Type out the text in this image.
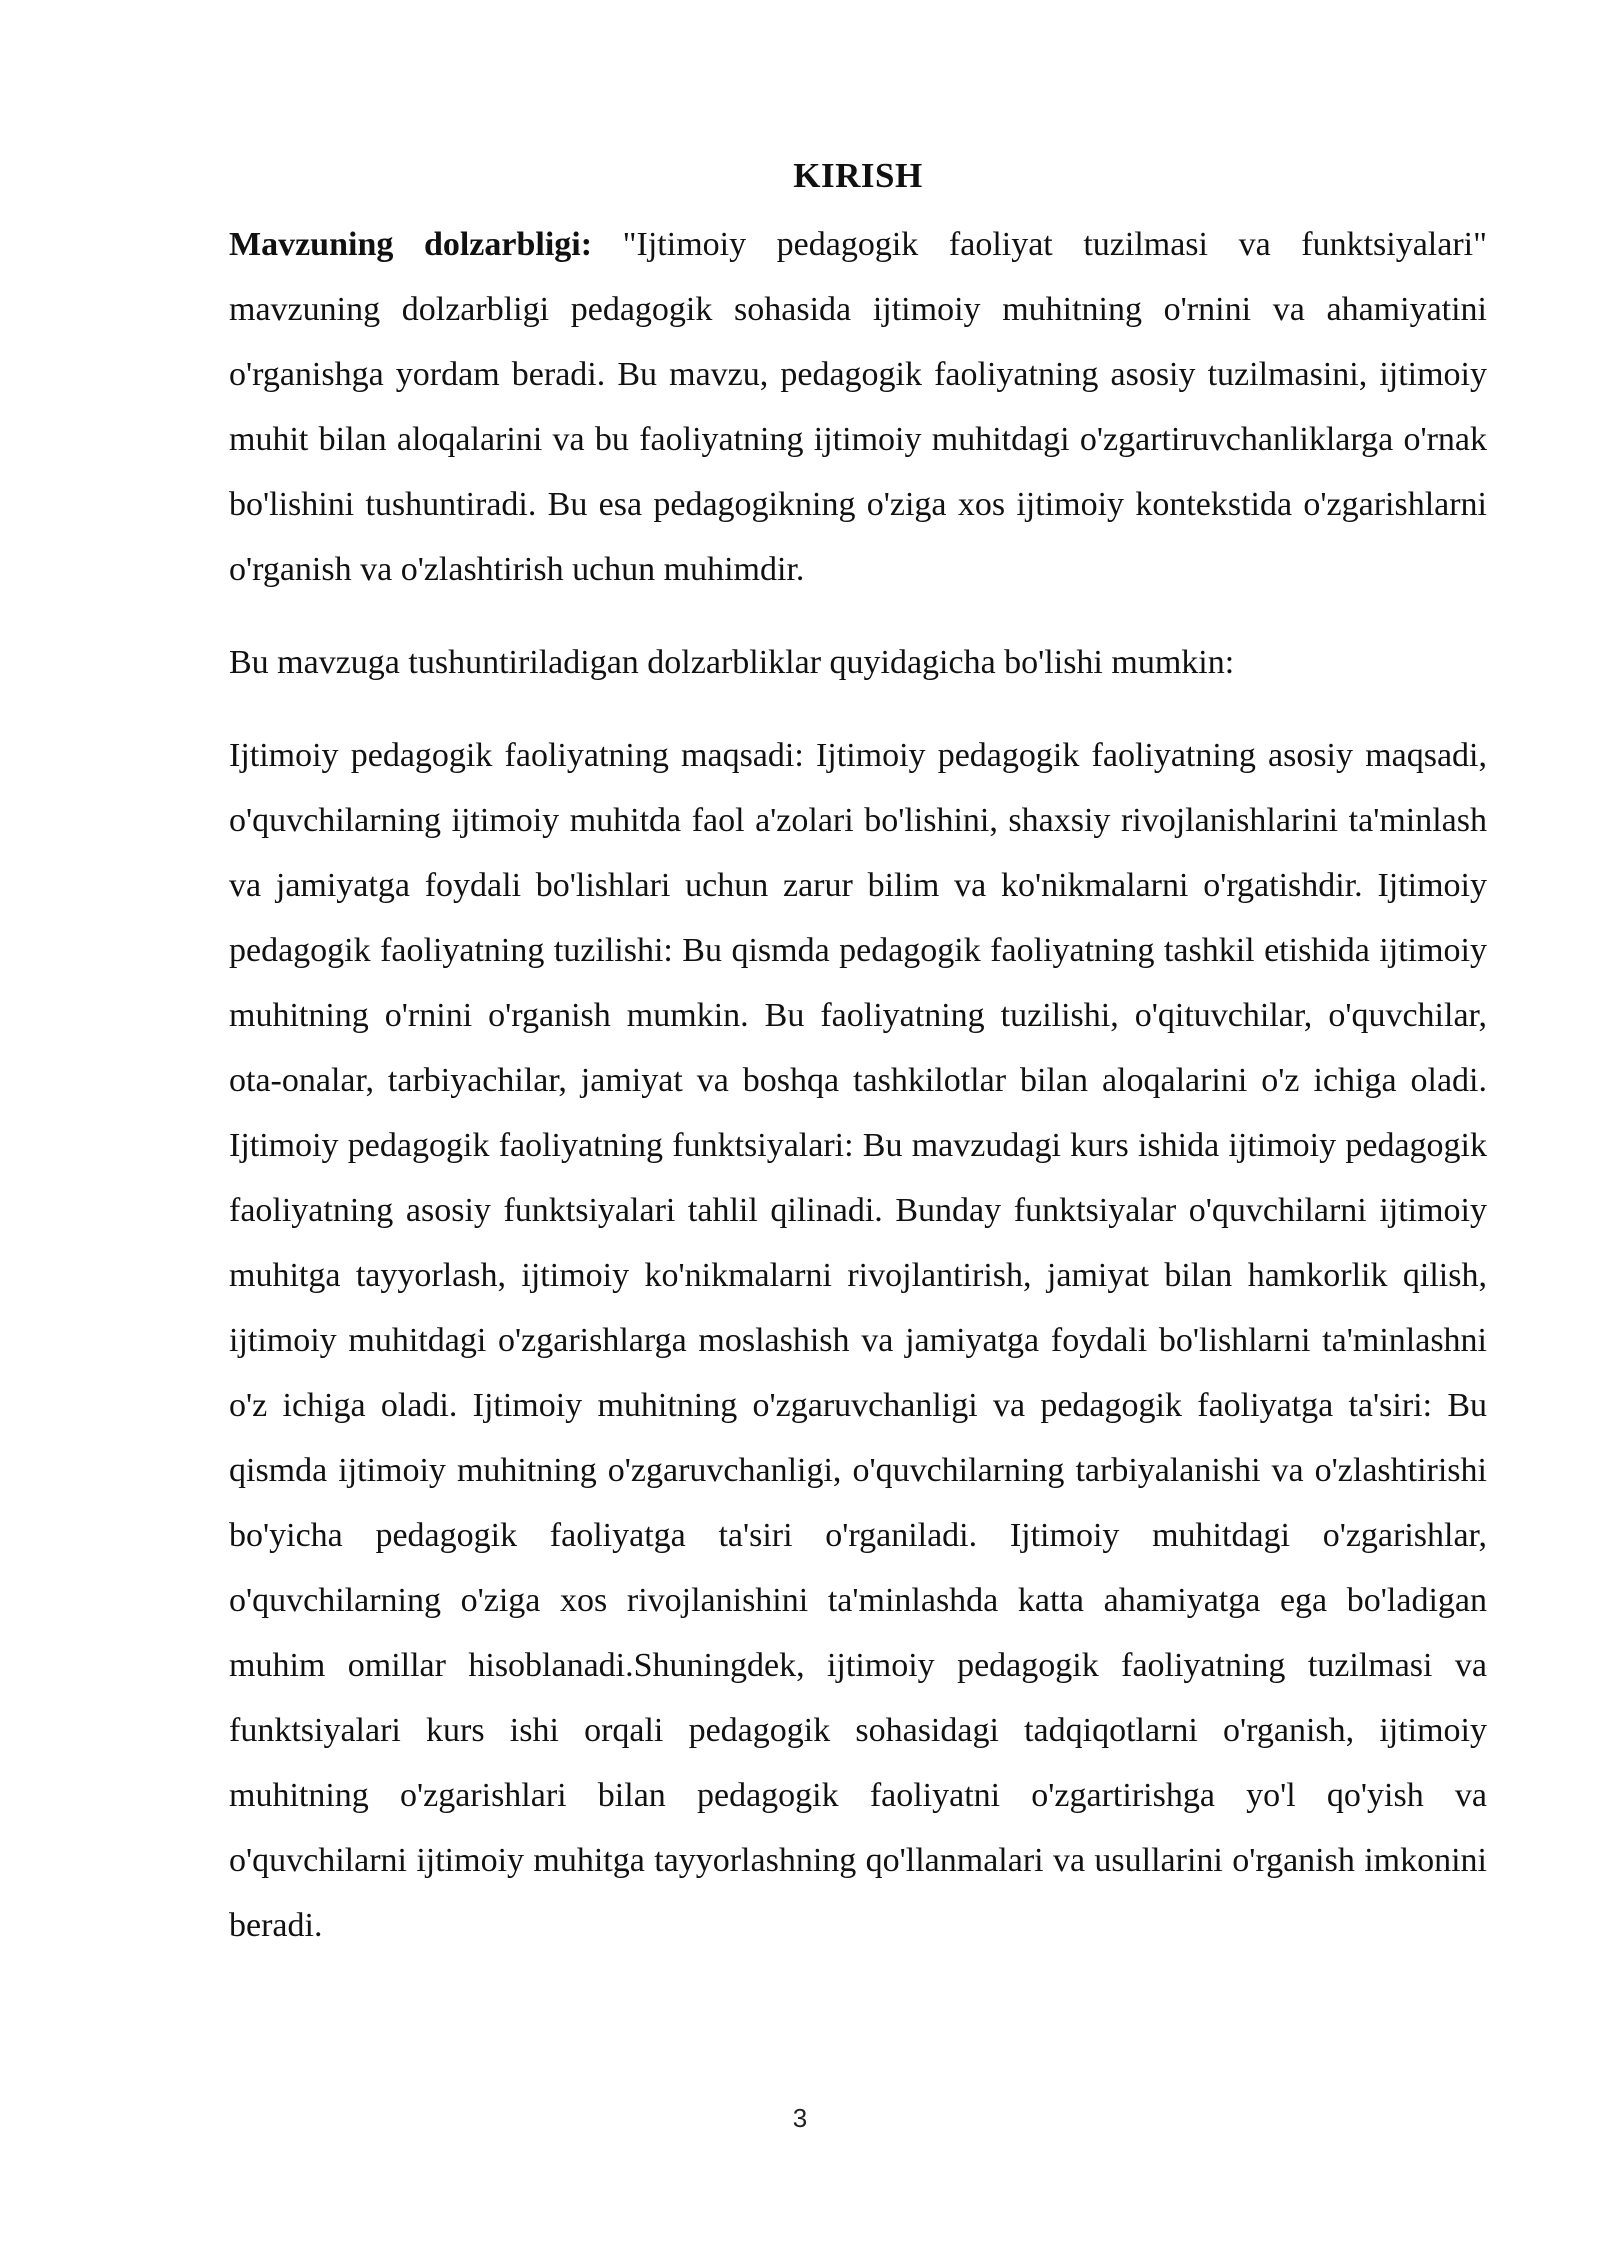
KIRISH

Mavzuning dolzarbligi: "Ijtimoiy pedagogik faoliyat tuzilmasi va funktsiyalari" mavzuning dolzarbligi pedagogik sohasida ijtimoiy muhitning o'rnini va ahamiyatini o'rganishga yordam beradi. Bu mavzu, pedagogik faoliyatning asosiy tuzilmasini, ijtimoiy muhit bilan aloqalarini va bu faoliyatning ijtimoiy muhitdagi o'zgartiruvchanliklarga o'rnak bo'lishini tushuntiradi. Bu esa pedagogikning o'ziga xos ijtimoiy kontekstida o'zgarishlarni o'rganish va o'zlashtirish uchun muhimdir.

Bu mavzuga tushuntiriladigan dolzarbliklar quyidagicha bo'lishi mumkin:

Ijtimoiy pedagogik faoliyatning maqsadi: Ijtimoiy pedagogik faoliyatning asosiy maqsadi, o'quvchilarning ijtimoiy muhitda faol a'zolari bo'lishini, shaxsiy rivojlanishlarini ta'minlash va jamiyatga foydali bo'lishlari uchun zarur bilim va ko'nikmalarni o'rgatishdir. Ijtimoiy pedagogik faoliyatning tuzilishi: Bu qismda pedagogik faoliyatning tashkil etishida ijtimoiy muhitning o'rnini o'rganish mumkin. Bu faoliyatning tuzilishi, o'qituvchilar, o'quvchilar, ota-onalar, tarbiyachilar, jamiyat va boshqa tashkilotlar bilan aloqalarini o'z ichiga oladi. Ijtimoiy pedagogik faoliyatning funktsiyalari: Bu mavzudagi kurs ishida ijtimoiy pedagogik faoliyatning asosiy funktsiyalari tahlil qilinadi. Bunday funktsiyalar o'quvchilarni ijtimoiy muhitga tayyorlash, ijtimoiy ko'nikmalarni rivojlantirish, jamiyat bilan hamkorlik qilish, ijtimoiy muhitdagi o'zgarishlarga moslashish va jamiyatga foydali bo'lishlarni ta'minlashni o'z ichiga oladi. Ijtimoiy muhitning o'zgaruvchanligi va pedagogik faoliyatga ta'siri: Bu qismda ijtimoiy muhitning o'zgaruvchanligi, o'quvchilarning tarbiyalanishi va o'zlashtirishi bo'yicha pedagogik faoliyatga ta'siri o'rganiladi. Ijtimoiy muhitdagi o'zgarishlar, o'quvchilarning o'ziga xos rivojlanishini ta'minlashda katta ahamiyatga ega bo'ladigan muhim omillar hisoblanadi.Shuningdek, ijtimoiy pedagogik faoliyatning tuzilmasi va funktsiyalari kurs ishi orqali pedagogik sohasidagi tadqiqotlarni o'rganish, ijtimoiy muhitning o'zgarishlari bilan pedagogik faoliyatni o'zgartirishga yo'l qo'yish va o'quvchilarni ijtimoiy muhitga tayyorlashning qo'llanmalari va usullarini o'rganish imkonini beradi.

3
